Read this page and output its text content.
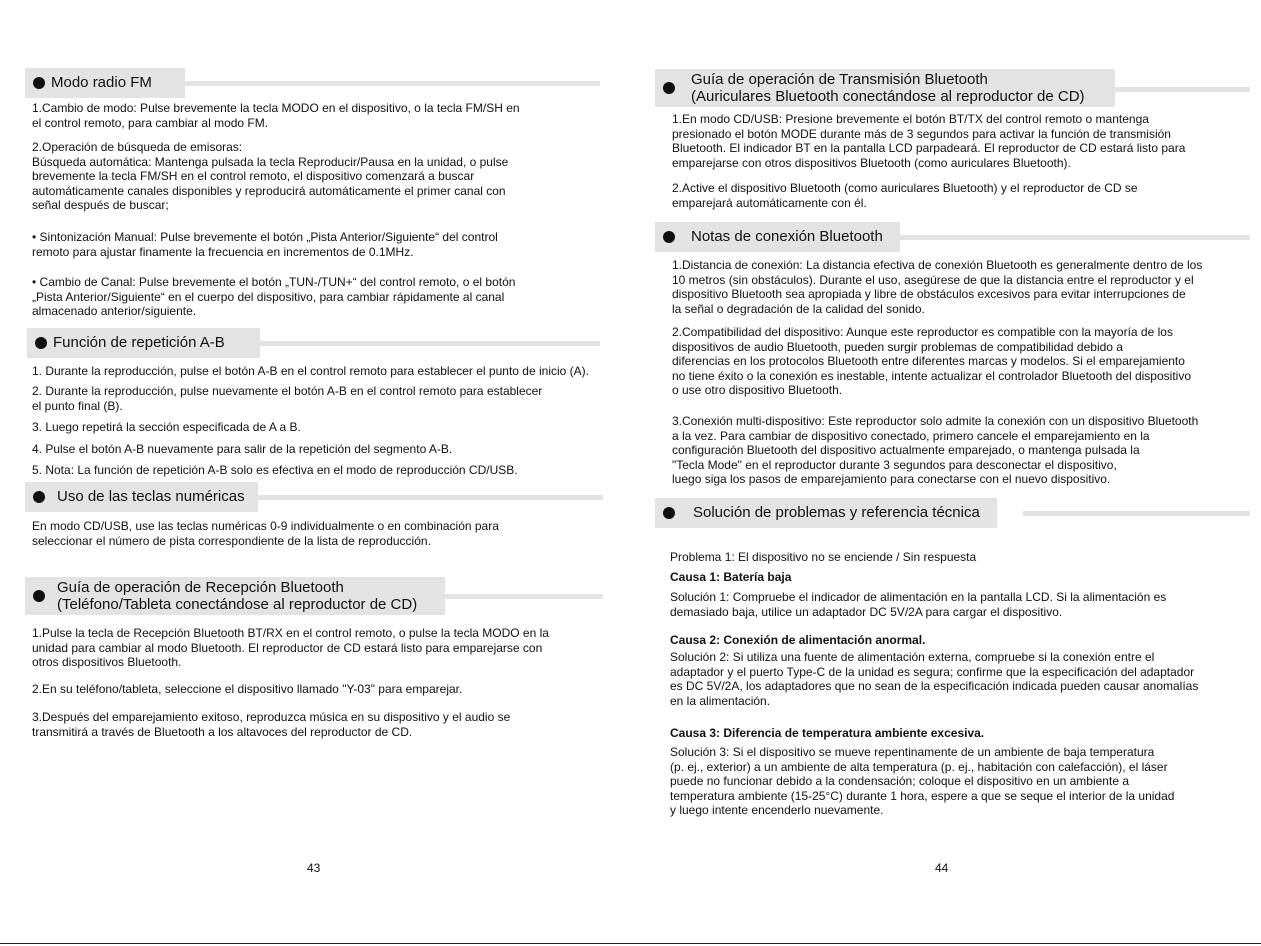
Modo radio FM
1.Cambio de modo: Pulse brevemente la tecla MODO en el dispositivo, o la tecla FM/SH en
el control remoto, para cambiar al modo FM.
2.Operación de búsqueda de emisoras:
Búsqueda automática: Mantenga pulsada la tecla Reproducir/Pausa en la unidad, o pulse
brevemente la tecla FM/SH en el control remoto, el dispositivo comenzará a buscar
automáticamente canales disponibles y reproducirá automáticamente el primer canal con
señal después de buscar;
• Sintonización Manual: Pulse brevemente el botón „Pista Anterior/Siguiente“ del control
remoto para ajustar finamente la frecuencia en incrementos de 0.1MHz.
• Cambio de Canal: Pulse brevemente el botón „TUN-/TUN+“ del control remoto, o el botón
„Pista Anterior/Siguiente“ en el cuerpo del dispositivo, para cambiar rápidamente al canal
almacenado anterior/siguiente.
Función de repetición A-B
1. Durante la reproducción, pulse el botón A-B en el control remoto para establecer el punto de inicio (A).
2. Durante la reproducción, pulse nuevamente el botón A-B en el control remoto para establecer
el punto final (B).
3. Luego repetirá la sección especificada de A a B.
4. Pulse el botón A-B nuevamente para salir de la repetición del segmento A-B.
5. Nota: La función de repetición A-B solo es efectiva en el modo de reproducción CD/USB.
Uso de las teclas numéricas
En modo CD/USB, use las teclas numéricas 0-9 individualmente o en combinación para
seleccionar el número de pista correspondiente de la lista de reproducción.
Guía de operación de Recepción Bluetooth
(Teléfono/Tableta conectándose al reproductor de CD)
1.Pulse la tecla de Recepción Bluetooth BT/RX en el control remoto, o pulse la tecla MODO en la
unidad para cambiar al modo Bluetooth. El reproductor de CD estará listo para emparejarse con
otros dispositivos Bluetooth.
2.En su teléfono/tableta, seleccione el dispositivo llamado "Y-03" para emparejar.
3.Después del emparejamiento exitoso, reproduzca música en su dispositivo y el audio se
transmitirá a través de Bluetooth a los altavoces del reproductor de CD.
43
Guía de operación de Transmisión Bluetooth
(Auriculares Bluetooth conectándose al reproductor de CD)
1.En modo CD/USB: Presione brevemente el botón BT/TX del control remoto o mantenga
presionado el botón MODE durante más de 3 segundos para activar la función de transmisión
Bluetooth. El indicador BT en la pantalla LCD parpadeará. El reproductor de CD estará listo para
emparejarse con otros dispositivos Bluetooth (como auriculares Bluetooth).
2.Active el dispositivo Bluetooth (como auriculares Bluetooth) y el reproductor de CD se
emparejará automáticamente con él.
Notas de conexión Bluetooth
1.Distancia de conexión: La distancia efectiva de conexión Bluetooth es generalmente dentro de los
10 metros (sin obstáculos). Durante el uso, asegúrese de que la distancia entre el reproductor y el
dispositivo Bluetooth sea apropiada y libre de obstáculos excesivos para evitar interrupciones de
la señal o degradación de la calidad del sonido.
2.Compatibilidad del dispositivo: Aunque este reproductor es compatible con la mayoría de los
dispositivos de audio Bluetooth, pueden surgir problemas de compatibilidad debido a
diferencias en los protocolos Bluetooth entre diferentes marcas y modelos. Si el emparejamiento
no tiene éxito o la conexión es inestable, intente actualizar el controlador Bluetooth del dispositivo
o use otro dispositivo Bluetooth.
3.Conexión multi-dispositivo: Este reproductor solo admite la conexión con un dispositivo Bluetooth
a la vez. Para cambiar de dispositivo conectado, primero cancele el emparejamiento en la
configuración Bluetooth del dispositivo actualmente emparejado, o mantenga pulsada la
"Tecla Mode" en el reproductor durante 3 segundos para desconectar el dispositivo,
luego siga los pasos de emparejamiento para conectarse con el nuevo dispositivo.
Solución de problemas y referencia técnica
Problema 1: El dispositivo no se enciende / Sin respuesta
Causa 1: Batería baja
Solución 1: Compruebe el indicador de alimentación en la pantalla LCD. Si la alimentación es
demasiado baja, utilice un adaptador DC 5V/2A para cargar el dispositivo.
Causa 2: Conexión de alimentación anormal.
Solución 2: Si utiliza una fuente de alimentación externa, compruebe si la conexión entre el
adaptador y el puerto Type-C de la unidad es segura; confirme que la especificación del adaptador
es DC 5V/2A, los adaptadores que no sean de la especificación indicada pueden causar anomalías
en la alimentación.
Causa 3: Diferencia de temperatura ambiente excesiva.
Solución 3: Si el dispositivo se mueve repentinamente de un ambiente de baja temperatura
(p. ej., exterior) a un ambiente de alta temperatura (p. ej., habitación con calefacción), el láser
puede no funcionar debido a la condensación; coloque el dispositivo en un ambiente a
temperatura ambiente (15-25°C) durante 1 hora, espere a que se seque el interior de la unidad
y luego intente encenderlo nuevamente.
44
